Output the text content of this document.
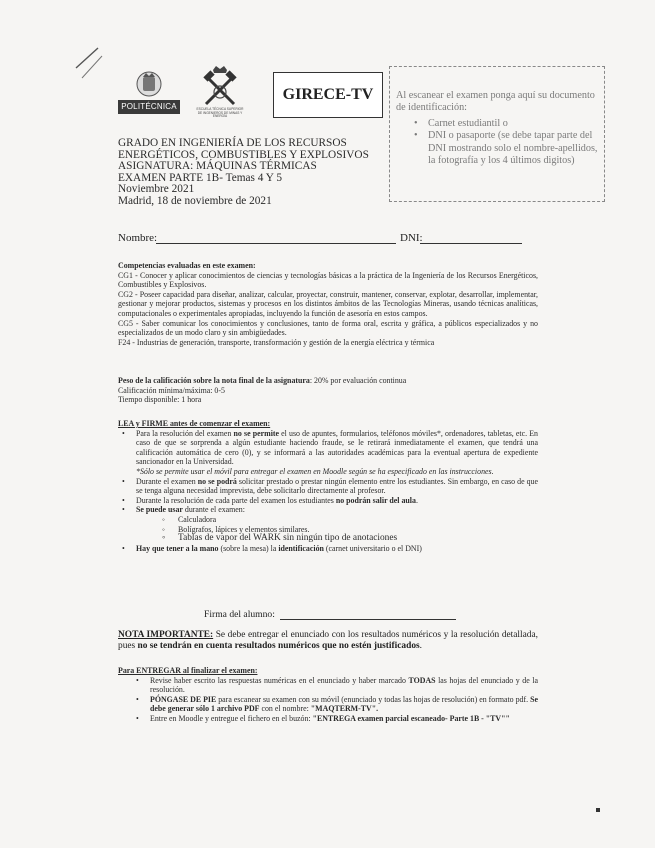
POLITÉCNICA	ESCUELA TÉCNICA SUPERIOR DE INGENIEROS DE MINAS Y ENERGÍA
GIRECE-TV	Al escanear el examen ponga aquí su documento de identificación:
• Carnet estudiantil o
• DNI o pasaporte (se debe tapar parte del DNI mostrando solo el nombre-apellidos, la fotografía y los 4 últimos digitos)
GRADO EN INGENIERÍA DE LOS RECURSOS
ENERGÉTICOS, COMBUSTIBLES Y EXPLOSIVOS
ASIGNATURA: MÁQUINAS TÉRMICAS
EXAMEN PARTE 1B- Temas 4 Y 5
Noviembre 2021
Madrid, 18 de noviembre de 2021
Nombre:	DNI:
Competencias evaluadas en este examen:
CG1 - Conocer y aplicar conocimientos de ciencias y tecnologías básicas a la práctica de la Ingeniería de los Recursos Energéticos, Combustibles y Explosivos.
CG2 - Poseer capacidad para diseñar, analizar, calcular, proyectar, construir, mantener, conservar, explotar, desarrollar, implementar, gestionar y mejorar productos, sistemas y procesos en los distintos ámbitos de las Tecnologías Mineras, usando técnicas analíticas, computacionales o experimentales apropiadas, incluyendo la función de asesoría en estos campos.
CG5 - Saber comunicar los conocimientos y conclusiones, tanto de forma oral, escrita y gráfica, a públicos especializados y no especializados de un modo claro y sin ambigüedades.
F24 - Industrias de generación, transporte, transformación y gestión de la energía eléctrica y térmica
Peso de la calificación sobre la nota final de la asignatura: 20% por evaluación continua
Calificación mínima/máxima: 0-5
Tiempo disponible: 1 hora
LEA y FIRME antes de comenzar el examen:
• Para la resolución del examen no se permite el uso de apuntes, formularios, teléfonos móviles*, ordenadores, tabletas, etc. En caso de que se sorprenda a algún estudiante haciendo fraude, se le retirará inmediatamente el examen, que tendrá una calificación automática de cero (0), y se informará a las autoridades académicas para la eventual apertura de expediente sancionador en la Universidad.
*Sólo se permite usar el móvil para entregar el examen en Moodle según se ha especificado en las instrucciones.
• Durante el examen no se podrá solicitar prestado o prestar ningún elemento entre los estudiantes. Sin embargo, en caso de que se tenga alguna necesidad imprevista, debe solicitarlo directamente al profesor.
• Durante la resolución de cada parte del examen los estudiantes no podrán salir del aula.
• Se puede usar durante el examen:
◦ Calculadora
◦ Bolígrafos, lápices y elementos similares.
◦ Tablas de vapor del WARK sin ningún tipo de anotaciones
• Hay que tener a la mano (sobre la mesa) la identificación (carnet universitario o el DNI)
Firma del alumno:
NOTA IMPORTANTE: Se debe entregar el enunciado con los resultados numéricos y la resolución detallada, pues no se tendrán en cuenta resultados numéricos que no estén justificados.
Para ENTREGAR al finalizar el examen:
• Revise haber escrito las respuestas numéricas en el enunciado y haber marcado TODAS las hojas del enunciado y de la resolución.
• PÓNGASE DE PIE para escanear su examen con su móvil (enunciado y todas las hojas de resolución) en formato pdf. Se debe generar sólo 1 archivo PDF con el nombre: "MAQTERM-TV".
• Entre en Moodle y entregue el fichero en el buzón: "ENTREGA examen parcial escaneado- Parte 1B - "TV""
